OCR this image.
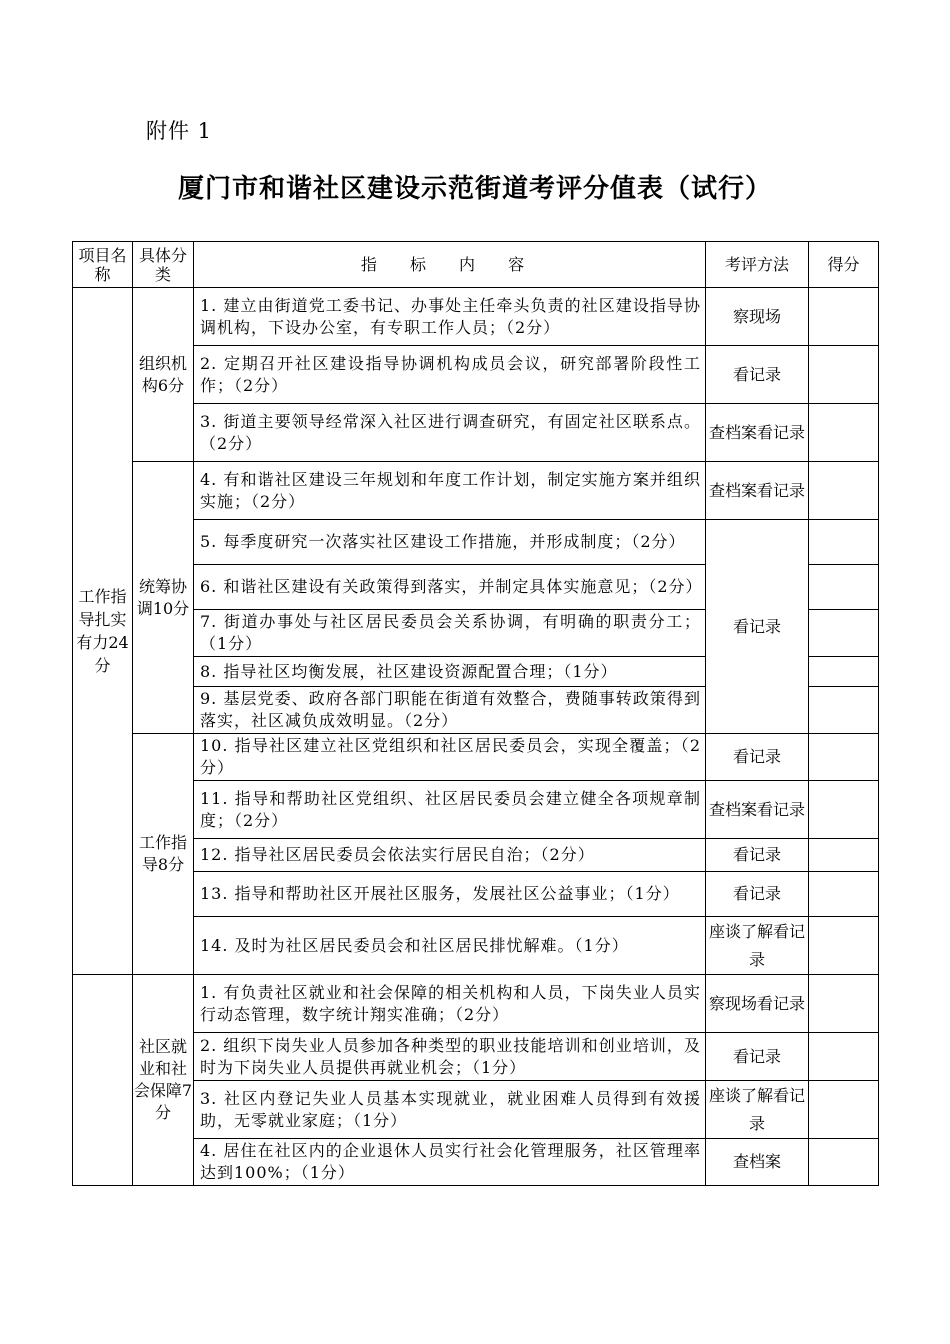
附件 1
厦门市和谐社区建设示范街道考评分值表（试行）
项目名称	具体分类	指 标 内 容	考评方法	得分
工作指导扎实有力24分	组织机构6分	1. 建立由街道党工委书记、办事处主任牵头负责的社区建设指导协调机构，下设办公室，有专职工作人员；（2分）	察现场	
		2. 定期召开社区建设指导协调机构成员会议，研究部署阶段性工作；（2分）	看记录	
		3. 街道主要领导经常深入社区进行调查研究，有固定社区联系点。（2分）	查档案看记录	
	统筹协调10分	4. 有和谐社区建设三年规划和年度工作计划，制定实施方案并组织实施；（2分）	查档案看记录	
		5. 每季度研究一次落实社区建设工作措施，并形成制度；（2分）	看记录	
		6. 和谐社区建设有关政策得到落实，并制定具体实施意见；（2分）		
		7. 街道办事处与社区居民委员会关系协调，有明确的职责分工；（1分）		
		8. 指导社区均衡发展，社区建设资源配置合理；（1分）		
		9. 基层党委、政府各部门职能在街道有效整合，费随事转政策得到落实，社区减负成效明显。（2分）		
	工作指导8分	10. 指导社区建立社区党组织和社区居民委员会，实现全覆盖；（2分）	看记录	
		11. 指导和帮助社区党组织、社区居民委员会建立健全各项规章制度；（2分）	查档案看记录	
		12. 指导社区居民委员会依法实行居民自治；（2分）	看记录	
		13. 指导和帮助社区开展社区服务，发展社区公益事业；（1分）	看记录	
		14. 及时为社区居民委员会和社区居民排忧解难。（1分）	座谈了解看记录	
	社区就业和社会保障7分	1. 有负责社区就业和社会保障的相关机构和人员，下岗失业人员实行动态管理，数字统计翔实准确；（2分）	察现场看记录	
		2. 组织下岗失业人员参加各种类型的职业技能培训和创业培训，及时为下岗失业人员提供再就业机会；（1分）	看记录	
		3. 社区内登记失业人员基本实现就业，就业困难人员得到有效援助，无零就业家庭；（1分）	座谈了解看记录	
		4. 居住在社区内的企业退休人员实行社会化管理服务，社区管理率达到100%；（1分）	查档案	
